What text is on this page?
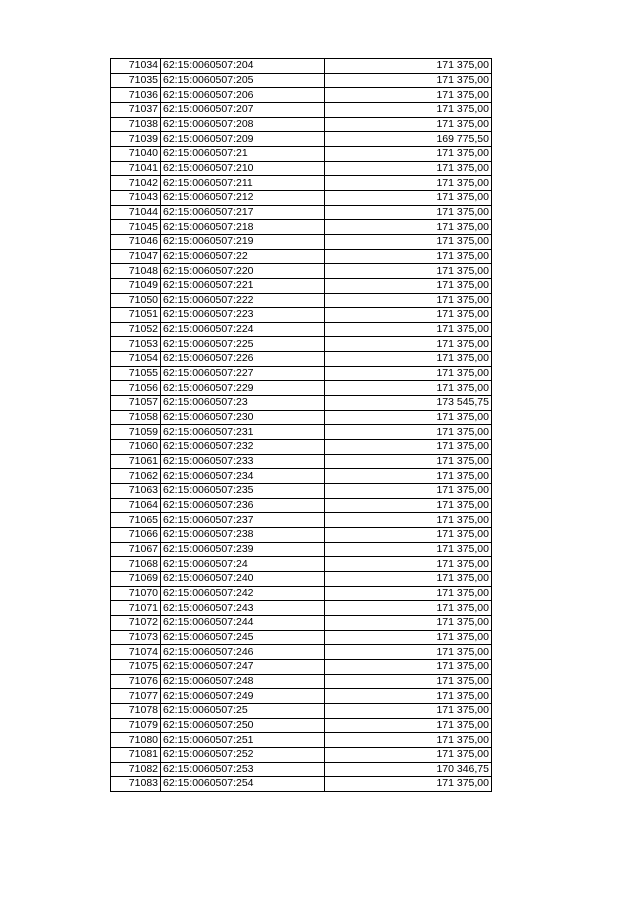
71034	62:15:0060507:204	171 375,00
71035	62:15:0060507:205	171 375,00
71036	62:15:0060507:206	171 375,00
71037	62:15:0060507:207	171 375,00
71038	62:15:0060507:208	171 375,00
71039	62:15:0060507:209	169 775,50
71040	62:15:0060507:21	171 375,00
71041	62:15:0060507:210	171 375,00
71042	62:15:0060507:211	171 375,00
71043	62:15:0060507:212	171 375,00
71044	62:15:0060507:217	171 375,00
71045	62:15:0060507:218	171 375,00
71046	62:15:0060507:219	171 375,00
71047	62:15:0060507:22	171 375,00
71048	62:15:0060507:220	171 375,00
71049	62:15:0060507:221	171 375,00
71050	62:15:0060507:222	171 375,00
71051	62:15:0060507:223	171 375,00
71052	62:15:0060507:224	171 375,00
71053	62:15:0060507:225	171 375,00
71054	62:15:0060507:226	171 375,00
71055	62:15:0060507:227	171 375,00
71056	62:15:0060507:229	171 375,00
71057	62:15:0060507:23	173 545,75
71058	62:15:0060507:230	171 375,00
71059	62:15:0060507:231	171 375,00
71060	62:15:0060507:232	171 375,00
71061	62:15:0060507:233	171 375,00
71062	62:15:0060507:234	171 375,00
71063	62:15:0060507:235	171 375,00
71064	62:15:0060507:236	171 375,00
71065	62:15:0060507:237	171 375,00
71066	62:15:0060507:238	171 375,00
71067	62:15:0060507:239	171 375,00
71068	62:15:0060507:24	171 375,00
71069	62:15:0060507:240	171 375,00
71070	62:15:0060507:242	171 375,00
71071	62:15:0060507:243	171 375,00
71072	62:15:0060507:244	171 375,00
71073	62:15:0060507:245	171 375,00
71074	62:15:0060507:246	171 375,00
71075	62:15:0060507:247	171 375,00
71076	62:15:0060507:248	171 375,00
71077	62:15:0060507:249	171 375,00
71078	62:15:0060507:25	171 375,00
71079	62:15:0060507:250	171 375,00
71080	62:15:0060507:251	171 375,00
71081	62:15:0060507:252	171 375,00
71082	62:15:0060507:253	170 346,75
71083	62:15:0060507:254	171 375,00
